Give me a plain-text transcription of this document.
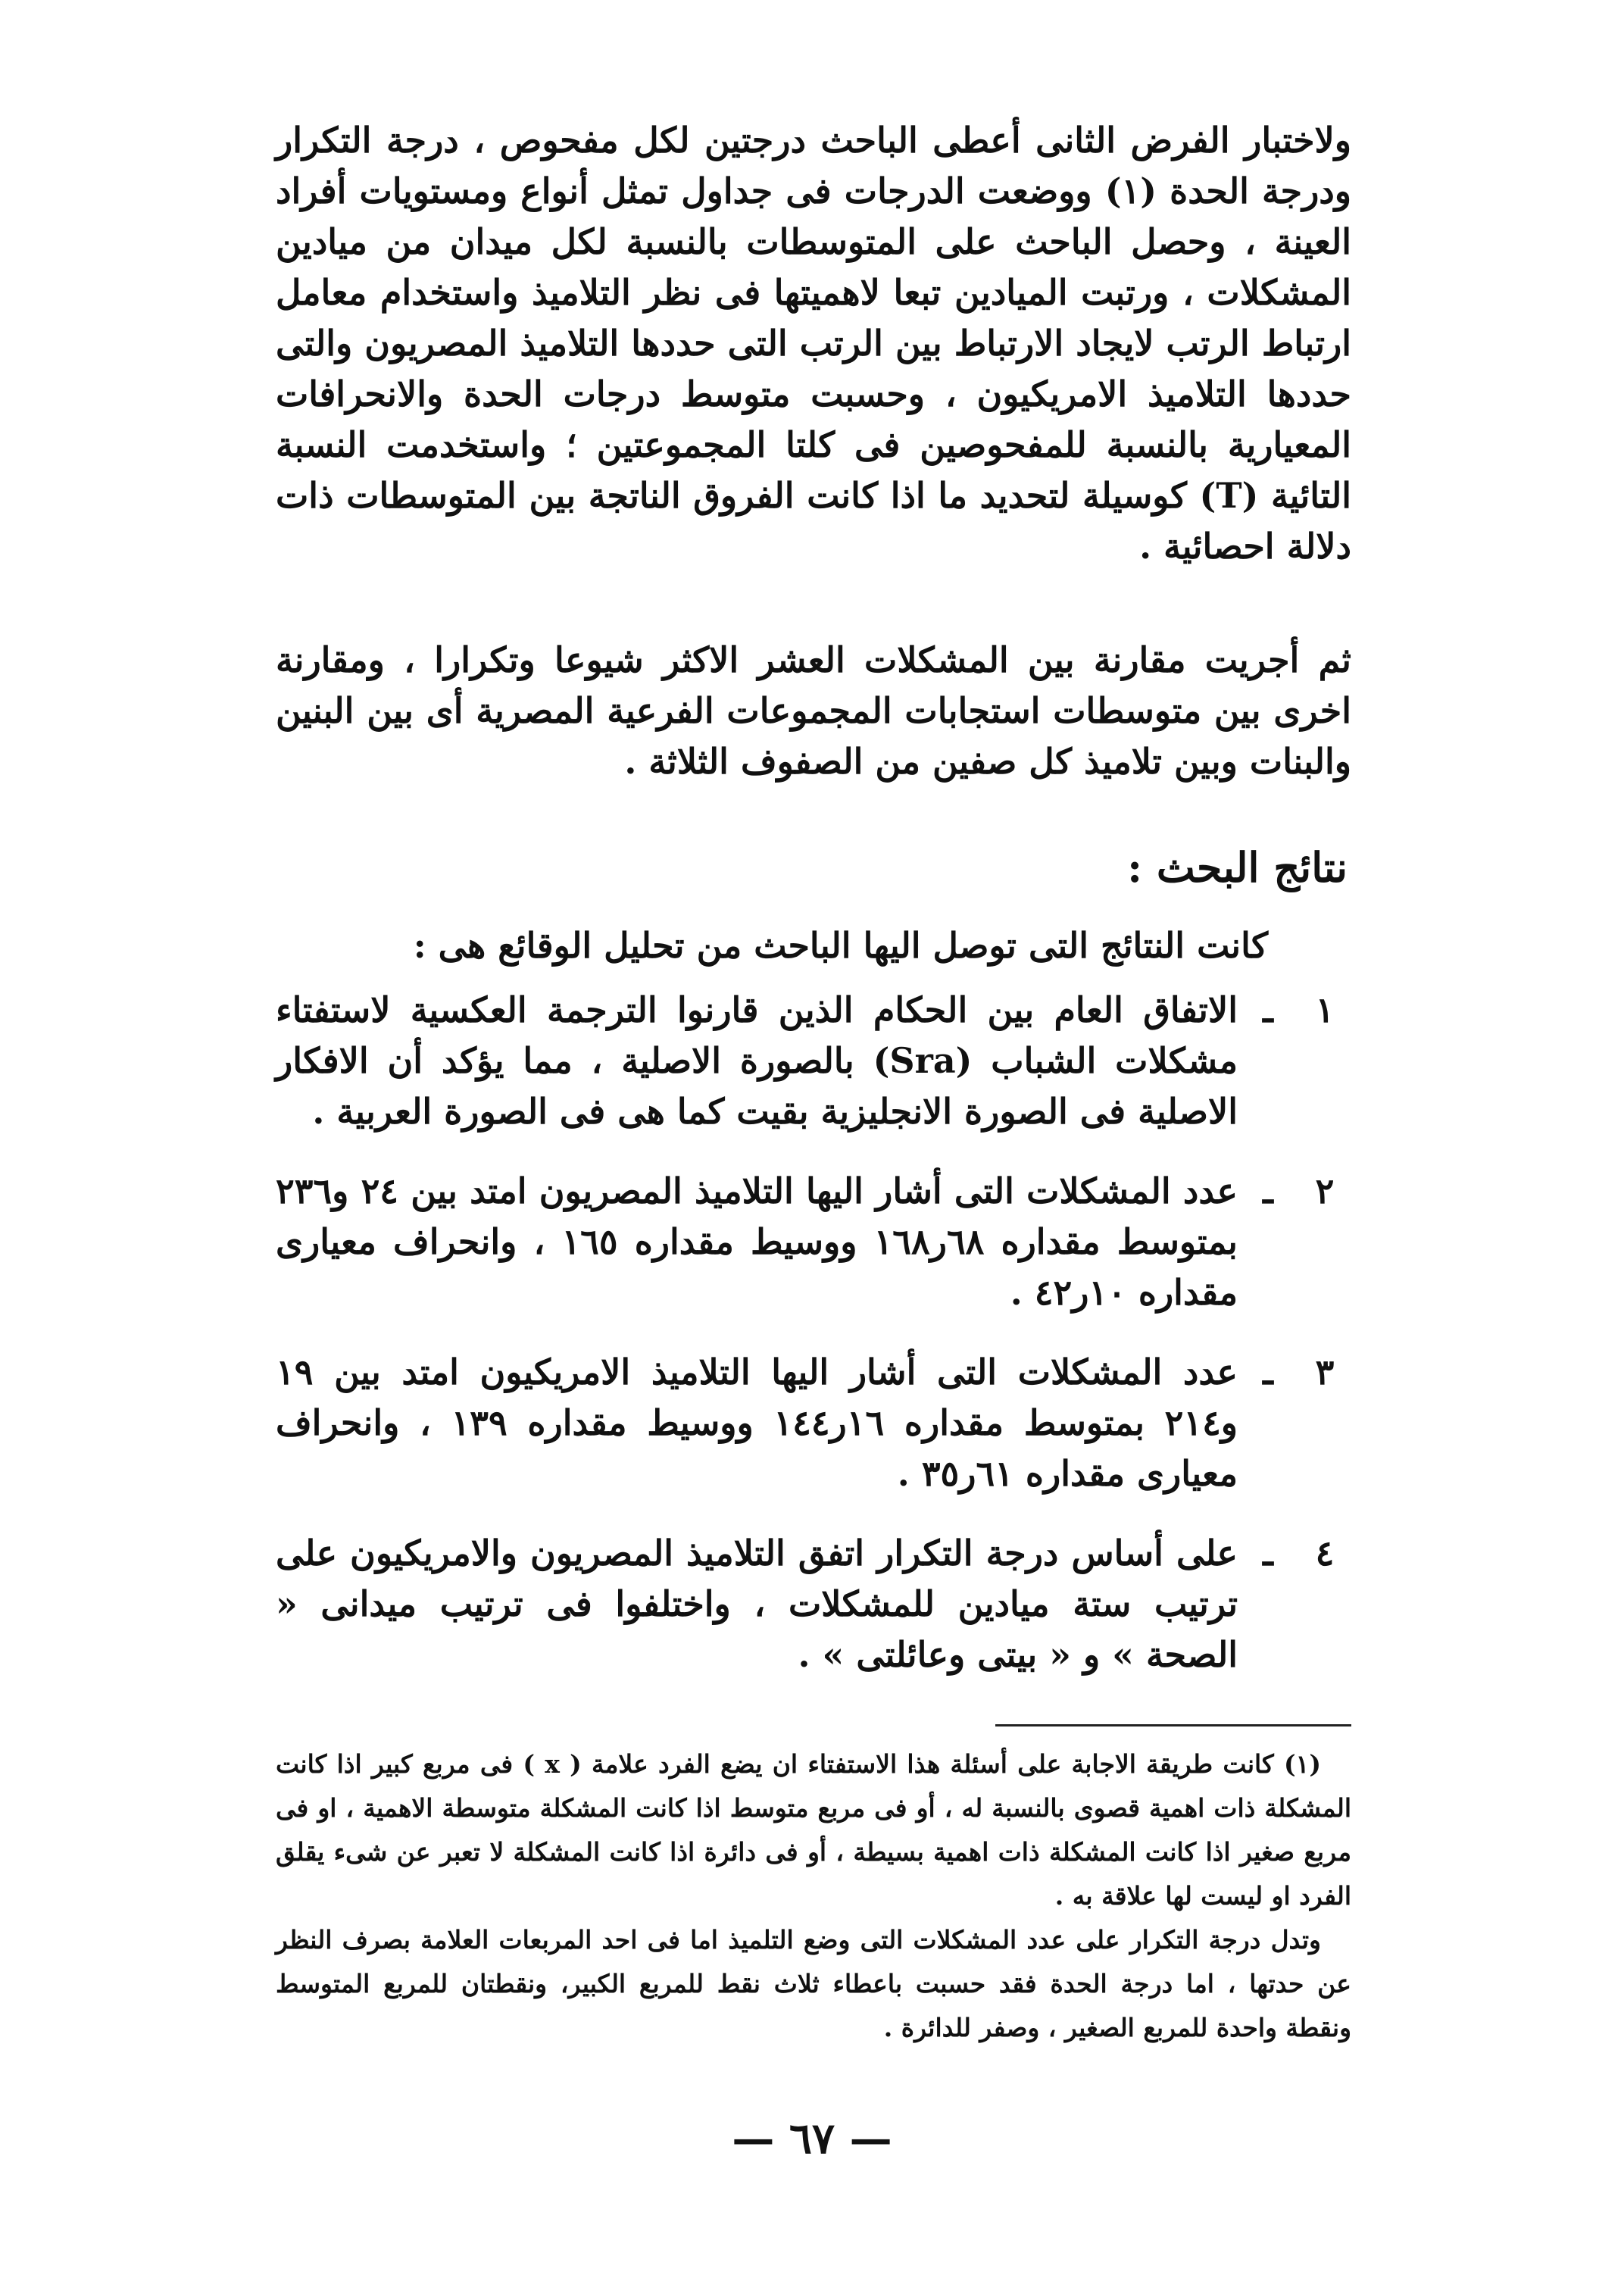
ولاختبار الفرض الثانى أعطى الباحث درجتين لكل مفحوص ، درجة التكرار ودرجة الحدة (١) ووضعت الدرجات فى جداول تمثل أنواع ومستويات أفراد العينة ، وحصل الباحث على المتوسطات بالنسبة لكل ميدان من ميادين المشكلات ، ورتبت الميادين تبعا لاهميتها فى نظر التلاميذ واستخدام معامل ارتباط الرتب لايجاد الارتباط بين الرتب التى حددها التلاميذ المصريون والتى حددها التلاميذ الامريكيون ، وحسبت متوسط درجات الحدة والانحرافات المعيارية بالنسبة للمفحوصين فى كلتا المجموعتين ؛ واستخدمت النسبة التائية (T) كوسيلة لتحديد ما اذا كانت الفروق الناتجة بين المتوسطات ذات دلالة احصائية .
ثم أجريت مقارنة بين المشكلات العشر الاكثر شيوعا وتكرارا ، ومقارنة اخرى بين متوسطات استجابات المجموعات الفرعية المصرية أى بين البنين والبنات وبين تلاميذ كل صفين من الصفوف الثلاثة .
نتائج البحث :
كانت النتائج التى توصل اليها الباحث من تحليل الوقائع هى :
١
ـ
الاتفاق العام بين الحكام الذين قارنوا الترجمة العكسية لاستفتاء مشكلات الشباب (Sra) بالصورة الاصلية ، مما يؤكد أن الافكار الاصلية فى الصورة الانجليزية بقيت كما هى فى الصورة العربية .
٢
ـ
عدد المشكلات التى أشار اليها التلاميذ المصريون امتد بين ٢٤ و٢٣٦ بمتوسط مقداره ٦٨ر١٦٨ ووسيط مقداره ١٦٥ ، وانحراف معيارى مقداره ١٠ر٤٢ .
٣
ـ
عدد المشكلات التى أشار اليها التلاميذ الامريكيون امتد بين ١٩ و٢١٤ بمتوسط مقداره ١٦ر١٤٤ ووسيط مقداره ١٣٩ ، وانحراف معيارى مقداره ٦١ر٣٥ .
٤
ـ
على أساس درجة التكرار اتفق التلاميذ المصريون والامريكيون على ترتيب ستة ميادين للمشكلات ، واختلفوا فى ترتيب ميدانى « الصحة » و « بيتى وعائلتى » .

(١) كانت طريقة الاجابة على أسئلة هذا الاستفتاء ان يضع الفرد علامة ( x ) فى مربع كبير اذا كانت المشكلة ذات اهمية قصوى بالنسبة له ، أو فى مربع متوسط اذا كانت المشكلة متوسطة الاهمية ، او فى مربع صغير اذا كانت المشكلة ذات اهمية بسيطة ، أو فى دائرة اذا كانت المشكلة لا تعبر عن شىء يقلق الفرد او ليست لها علاقة به .

وتدل درجة التكرار على عدد المشكلات التى وضع التلميذ اما فى احد المربعات العلامة بصرف النظر عن حدتها ، اما درجة الحدة فقد حسبت باعطاء ثلاث نقط للمربع الكبير، ونقطتان للمربع المتوسط ونقطة واحدة للمربع الصغير ، وصفر للدائرة .

— ٦٧ —
